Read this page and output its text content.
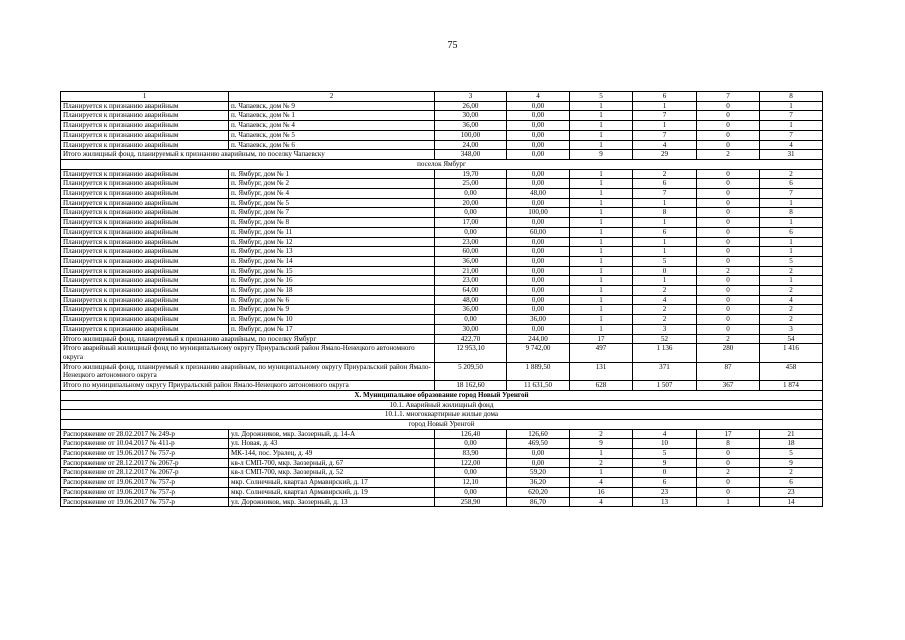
75
1	2	3	4	5	6	7	8
Планируется к признанию аварийным	п. Чапаевск, дом № 9	26,00	0,00	1	1	0	1
Планируется к признанию аварийным	п. Чапаевск, дом № 1	30,00	0,00	1	7	0	7
Планируется к признанию аварийным	п. Чапаевск, дом № 4	36,00	0,00	1	1	0	1
Планируется к признанию аварийным	п. Чапаевск, дом № 5	100,00	0,00	1	7	0	7
Планируется к признанию аварийным	п. Чапаевск, дом № 6	24,00	0,00	1	4	0	4
Итого жилищный фонд, планируемый к признанию аварийным, по поселку Чапаевску		348,00	0,00	9	29	2	31
поселок Ямбург							
Планируется к признанию аварийным	п. Ямбург, дом № 1	19,70	0,00	1	2	0	2
Планируется к признанию аварийным	п. Ямбург, дом № 2	25,00	0,00	1	6	0	6
Планируется к признанию аварийным	п. Ямбург, дом № 4	0,00	48,00	1	7	0	7
Планируется к признанию аварийным	п. Ямбург, дом № 5	20,00	0,00	1	1	0	1
Планируется к признанию аварийным	п. Ямбург, дом № 7	0,00	100,00	1	8	0	8
Планируется к признанию аварийным	п. Ямбург, дом № 8	17,00	0,00	1	1	0	1
Планируется к признанию аварийным	п. Ямбург, дом № 11	0,00	60,00	1	6	0	6
Планируется к признанию аварийным	п. Ямбург, дом № 12	23,00	0,00	1	1	0	1
Планируется к признанию аварийным	п. Ямбург, дом № 13	60,00	0,00	1	1	0	1
Планируется к признанию аварийным	п. Ямбург, дом № 14	36,00	0,00	1	5	0	5
Планируется к признанию аварийным	п. Ямбург, дом № 15	21,00	0,00	1	0	2	2
Планируется к признанию аварийным	п. Ямбург, дом № 16	23,00	0,00	1	1	0	1
Планируется к признанию аварийным	п. Ямбург, дом № 18	64,00	0,00	1	2	0	2
Планируется к признанию аварийным	п. Ямбург, дом № 6	48,00	0,00	1	4	0	4
Планируется к признанию аварийным	п. Ямбург, дом № 9	36,00	0,00	1	2	0	2
Планируется к признанию аварийным	п. Ямбург, дом № 10	0,00	36,00	1	2	0	2
Планируется к признанию аварийным	п. Ямбург, дом № 17	30,00	0,00	1	3	0	3
Итого жилищный фонд, планируемый к признанию аварийным, по поселку Ямбург		422,70	244,00	17	52	2	54
Итого аварийный жилищный фонд по муниципальному округу Приуральский район Ямало-Ненецкого автономного округа		12 953,10	9 742,00	497	1 136	280	1 416
Итого жилищный фонд, планируемый к признанию аварийным, по муниципальному округу Приуральский район Ямало-Ненецкого автономного округа		5 209,50	1 889,50	131	371	87	458
Итого по муниципальному округу Приуральский район Ямало-Ненецкого автономного округа		18 162,60	11 631,50	628	1 507	367	1 874
X. Муниципальное образование город Новый Уренгой							
10.1. Аварийный жилищный фонд							
10.1.1. многоквартирные жилые дома							
город Новый Уренгой							
Распоряжение от 28.02.2017 № 249-р	ул. Дорожников, мкр. Заозерный, д. 14-А	126,40	126,60	2	4	17	21
Распоряжение от 10.04.2017 № 411-р	ул. Новая, д. 43	0,00	469,50	9	10	8	18
Распоряжение от 19.06.2017 № 757-р	МК-144, пос. Уралец, д. 49	83,90	0,00	1	5	0	5
Распоряжение от 28.12.2017 № 2067-р	кв-л СМП-700, мкр. Заозерный, д. 67	122,00	0,00	2	9	0	9
Распоряжение от 28.12.2017 № 2067-р	кв-л СМП-700, мкр. Заозерный, д. 52	0,00	59,20	1	0	2	2
Распоряжение от 19.06.2017 № 757-р	мкр. Солнечный, квартал Армавирский, д. 17	12,10	36,20	4	6	0	6
Распоряжение от 19.06.2017 № 757-р	мкр. Солнечный, квартал Армавирский, д. 19	0,00	620,20	16	23	0	23
Распоряжение от 19.06.2017 № 757-р	ул. Дорожников, мкр. Заозерный, д. 13	258,90	86,70	4	13	1	14
